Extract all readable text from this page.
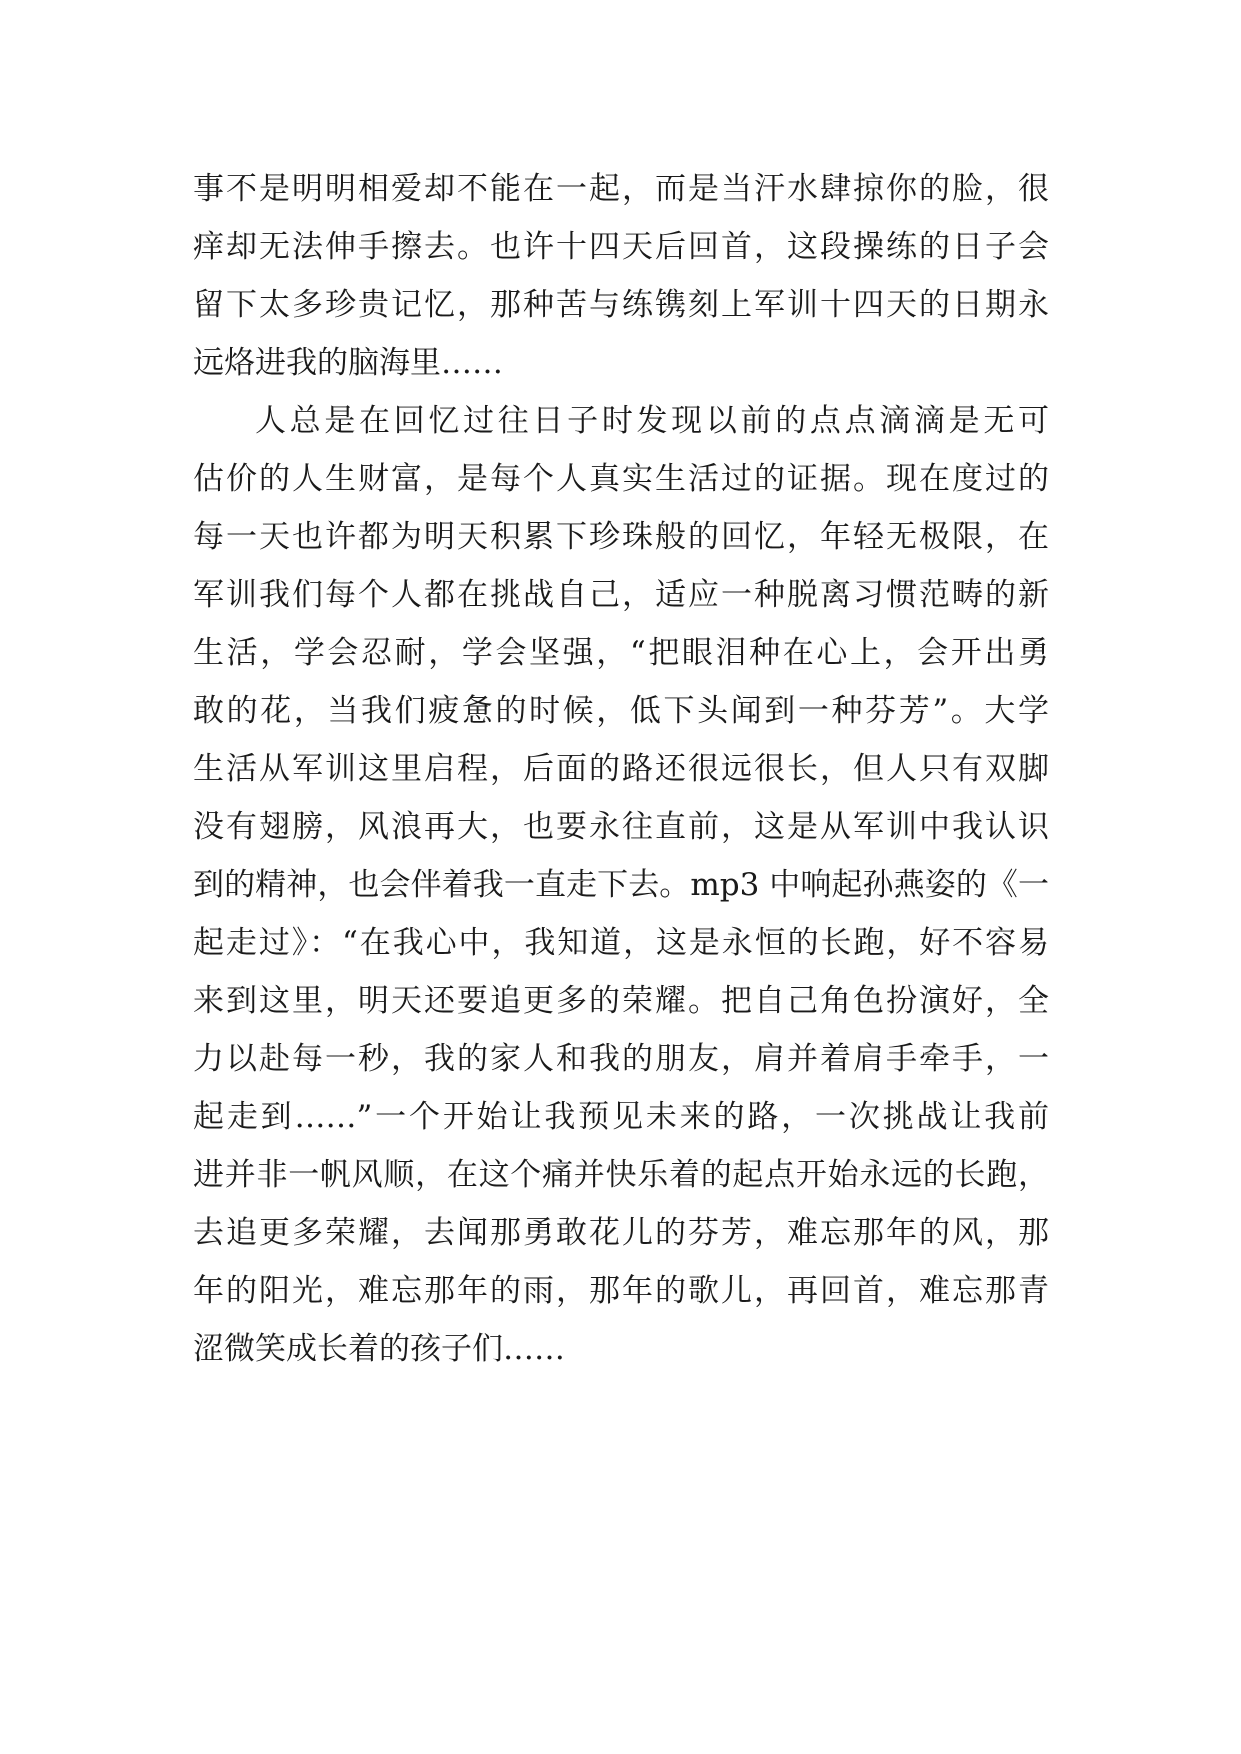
事不是明明相爱却不能在一起，而是当汗水肆掠你的脸，很
痒却无法伸手擦去。也许十四天后回首，这段操练的日子会
留下太多珍贵记忆，那种苦与练镌刻上军训十四天的日期永
远烙进我的脑海里……
人总是在回忆过往日子时发现以前的点点滴滴是无可
估价的人生财富，是每个人真实生活过的证据。现在度过的
每一天也许都为明天积累下珍珠般的回忆，年轻无极限，在
军训我们每个人都在挑战自己，适应一种脱离习惯范畴的新
生活，学会忍耐，学会坚强，“把眼泪种在心上，会开出勇
敢的花，当我们疲惫的时候，低下头闻到一种芬芳”。大学
生活从军训这里启程，后面的路还很远很长，但人只有双脚
没有翅膀，风浪再大，也要永往直前，这是从军训中我认识
到的精神，也会伴着我一直走下去。mp3 中响起孙燕姿的《一
起走过》：“在我心中，我知道，这是永恒的长跑，好不容易
来到这里，明天还要追更多的荣耀。把自己角色扮演好，全
力以赴每一秒，我的家人和我的朋友，肩并着肩手牵手，一
起走到……”一个开始让我预见未来的路，一次挑战让我前
进并非一帆风顺，在这个痛并快乐着的起点开始永远的长跑，
去追更多荣耀，去闻那勇敢花儿的芬芳，难忘那年的风，那
年的阳光，难忘那年的雨，那年的歌儿，再回首，难忘那青
涩微笑成长着的孩子们……
